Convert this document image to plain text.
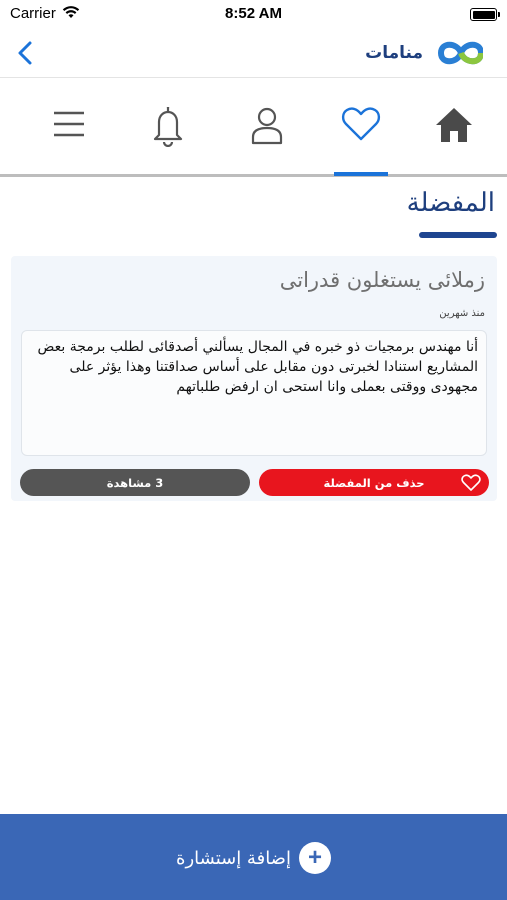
Carrier	8:52 AM
منامات
المفضلة
زملائى يستغلون قدراتى
منذ شهرين
أنا مهندس برمجيات ذو خبره في المجال يسألني أصدقائى لطلب برمجة بعض المشاريع استنادا لخبرتى دون مقابل على أساس صداقتنا وهذا يؤثر على مجهودى ووقتى بعملى وانا استحى ان ارفض طلباتهم
3 مشاهدة	حذف من المفضلة
+
إضافة إستشارة
